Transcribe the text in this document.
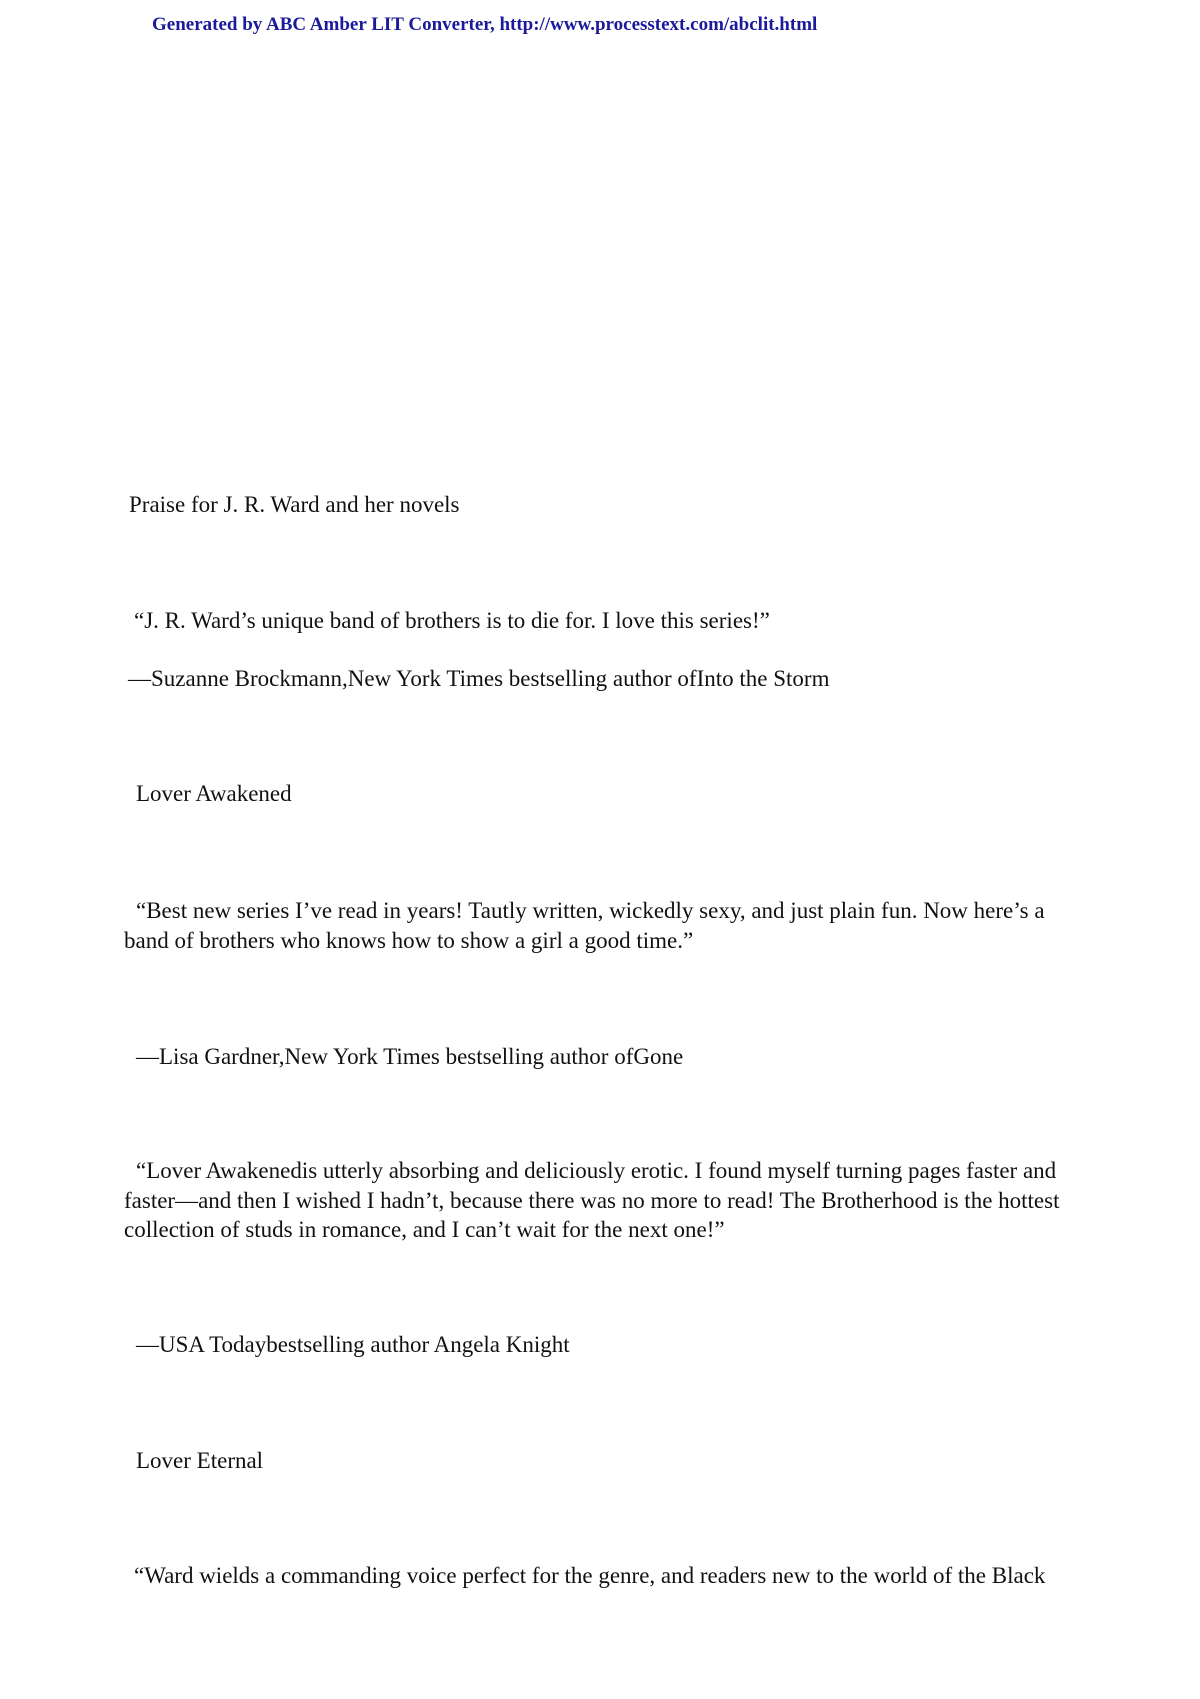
Generated by ABC Amber LIT Converter, http://www.processtext.com/abclit.html
Praise for J. R. Ward and her novels
“J. R. Ward’s unique band of brothers is to die for. I love this series!”
—Suzanne Brockmann,New York Times bestselling author ofInto the Storm
Lover Awakened
“Best new series I’ve read in years! Tautly written, wickedly sexy, and just plain fun. Now here’s a band of brothers who knows how to show a girl a good time.”
—Lisa Gardner,New York Times bestselling author ofGone
“Lover Awakenedis utterly absorbing and deliciously erotic. I found myself turning pages faster and faster—and then I wished I hadn’t, because there was no more to read! The Brotherhood is the hottest collection of studs in romance, and I can’t wait for the next one!”
—USA Todaybestselling author Angela Knight
Lover Eternal
“Ward wields a commanding voice perfect for the genre, and readers new to the world of the Black
